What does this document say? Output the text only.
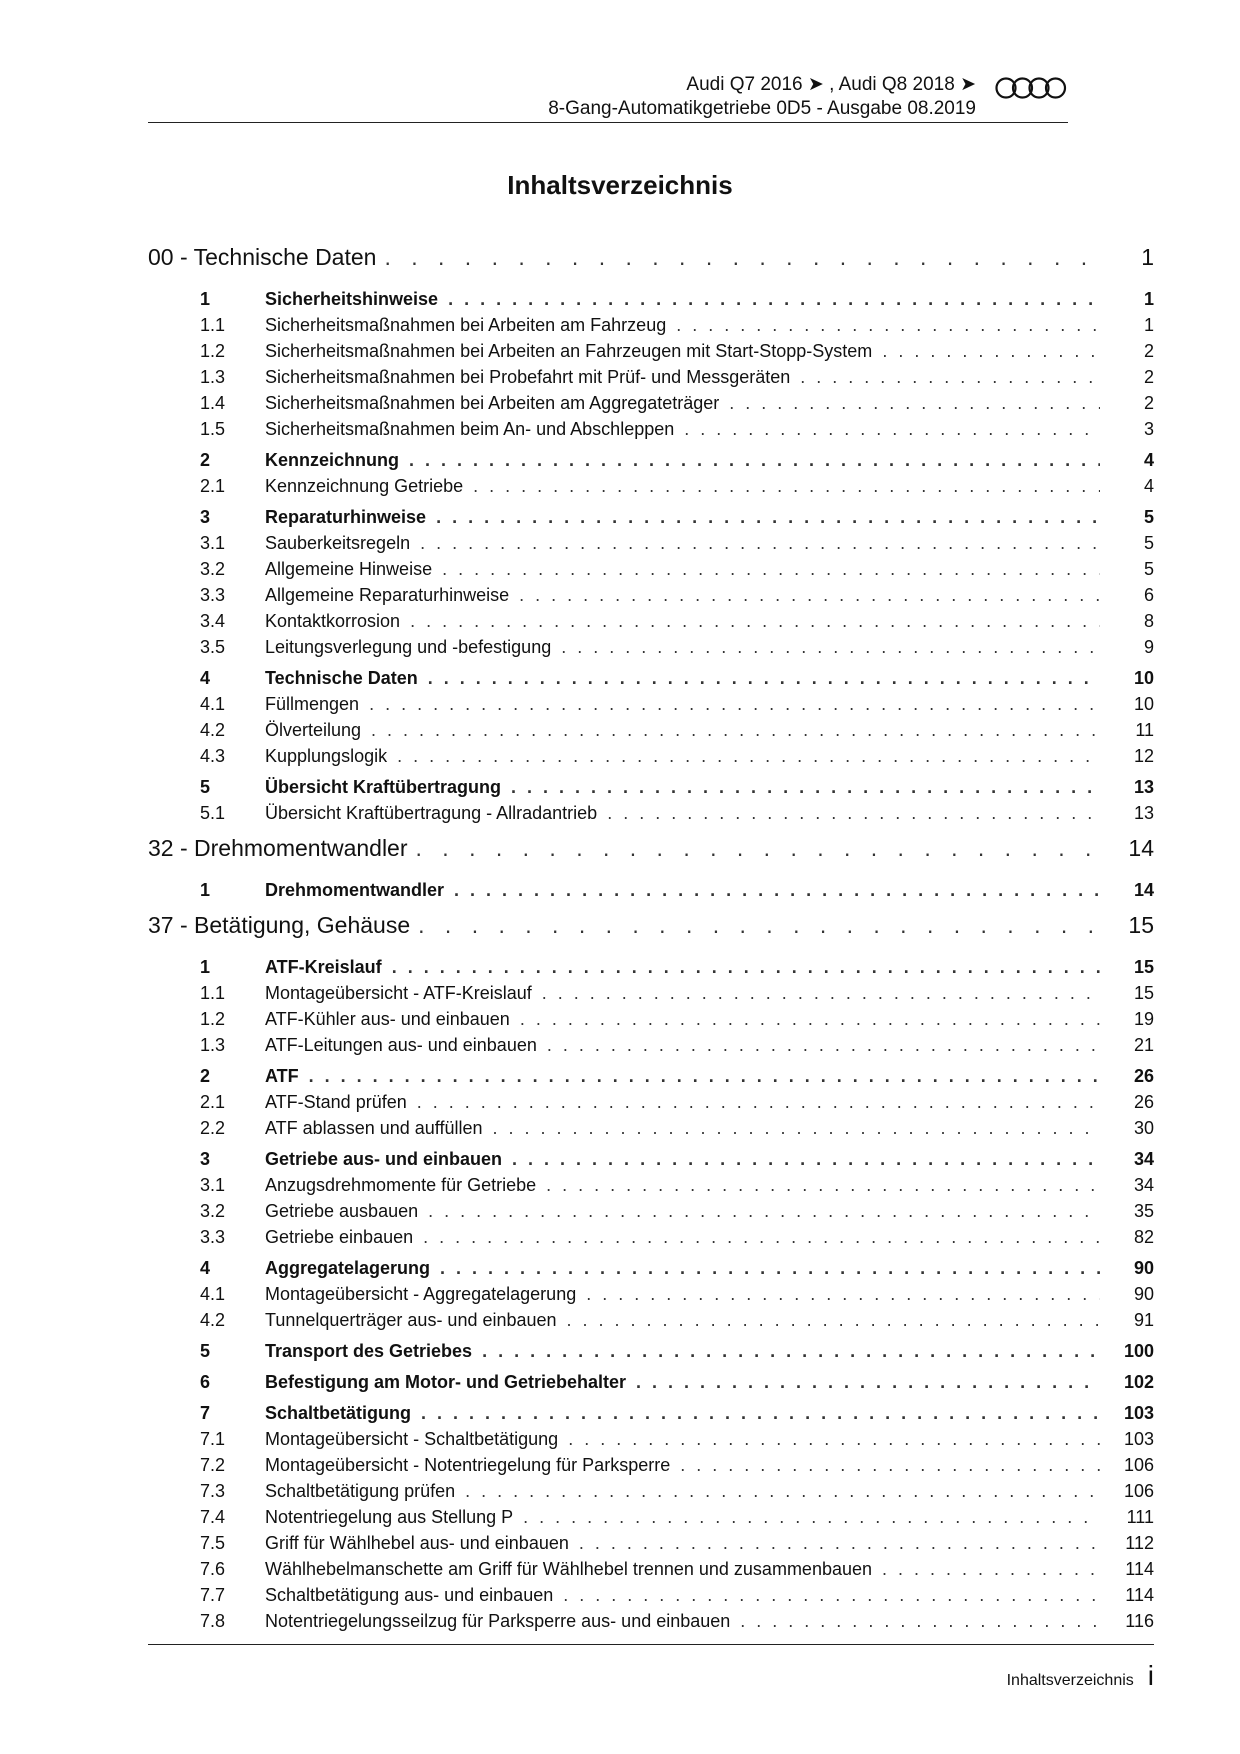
Audi Q7 2016 ➤ , Audi Q8 2018 ➤
8-Gang-Automatikgetriebe 0D5 - Ausgabe 08.2019
Inhaltsverzeichnis
00 - Technische Daten . . .	1
1	Sicherheitshinweise . . .	1
1.1	Sicherheitsmaßnahmen bei Arbeiten am Fahrzeug . . .	1
1.2	Sicherheitsmaßnahmen bei Arbeiten an Fahrzeugen mit Start-Stopp-System . . .	2
1.3	Sicherheitsmaßnahmen bei Probefahrt mit Prüf- und Messgeräten . . .	2
1.4	Sicherheitsmaßnahmen bei Arbeiten am Aggregateträger . . .	2
1.5	Sicherheitsmaßnahmen beim An- und Abschleppen . . .	3
2	Kennzeichnung . . .	4
2.1	Kennzeichnung Getriebe . . .	4
3	Reparaturhinweise . . .	5
3.1	Sauberkeitsregeln . . .	5
3.2	Allgemeine Hinweise . . .	5
3.3	Allgemeine Reparaturhinweise . . .	6
3.4	Kontaktkorrosion . . .	8
3.5	Leitungsverlegung und -befestigung . . .	9
4	Technische Daten . . .	10
4.1	Füllmengen . . .	10
4.2	Ölverteilung . . .	11
4.3	Kupplungslogik . . .	12
5	Übersicht Kraftübertragung . . .	13
5.1	Übersicht Kraftübertragung - Allradantrieb . . .	13
32 - Drehmomentwandler . . .	14
1	Drehmomentwandler . . .	14
37 - Betätigung, Gehäuse . . .	15
1	ATF-Kreislauf . . .	15
1.1	Montageübersicht - ATF-Kreislauf . . .	15
1.2	ATF-Kühler aus- und einbauen . . .	19
1.3	ATF-Leitungen aus- und einbauen . . .	21
2	ATF . . .	26
2.1	ATF-Stand prüfen . . .	26
2.2	ATF ablassen und auffüllen . . .	30
3	Getriebe aus- und einbauen . . .	34
3.1	Anzugsdrehmomente für Getriebe . . .	34
3.2	Getriebe ausbauen . . .	35
3.3	Getriebe einbauen . . .	82
4	Aggregatelagerung . . .	90
4.1	Montageübersicht - Aggregatelagerung . . .	90
4.2	Tunnelquerträger aus- und einbauen . . .	91
5	Transport des Getriebes . . .	100
6	Befestigung am Motor- und Getriebehalter . . .	102
7	Schaltbetätigung . . .	103
7.1	Montageübersicht - Schaltbetätigung . . .	103
7.2	Montageübersicht - Notentriegelung für Parksperre . . .	106
7.3	Schaltbetätigung prüfen . . .	106
7.4	Notentriegelung aus Stellung P . . .	111
7.5	Griff für Wählhebel aus- und einbauen . . .	112
7.6	Wählhebelmanschette am Griff für Wählhebel trennen und zusammenbauen . . .	114
7.7	Schaltbetätigung aus- und einbauen . . .	114
7.8	Notentriegelungsseilzug für Parksperre aus- und einbauen . . .	116
Inhaltsverzeichnis i
